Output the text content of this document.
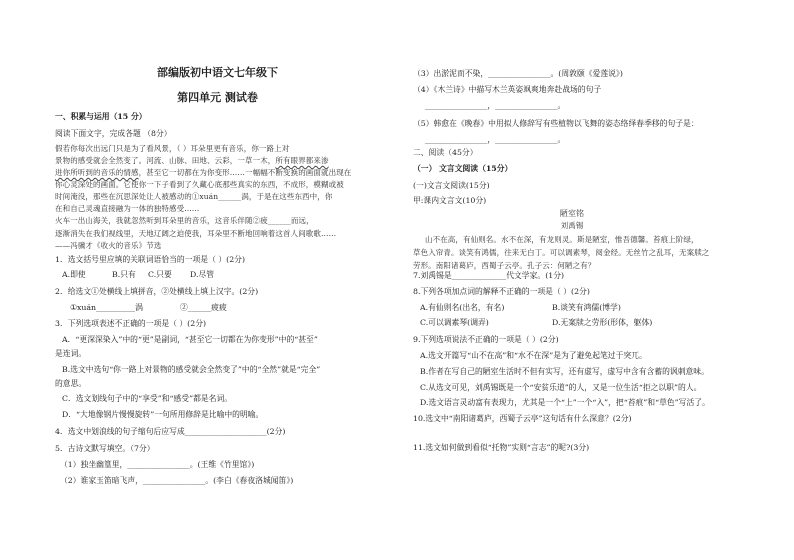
部编版初中语文七年级下
第四单元 测试卷
一、积累与运用（15 分）
阅读下面文字，完成各题 （8分）
假若你每次出远门只是为了看风景，（ ）耳朵里更有音乐，你一路上对
景物的感受就会全然变了。河流、山脉、田地、云彩，一草一木，所有眼界都来渗
进你所听到的音乐的情感，甚至它一切都在为你变形……一幅幅不断变换的画面就出现在
你心灵深处的画面。它使你一下子看到了久藏心底那些真实的东西，不成形，模糊或被
时间淹没，那些在沉思深处让人被感动的①xuán______涡，于是在这些东西中，你
在和自己灵魂直接融为一体的独特感受……
火车一出山海关，我就忽然听到耳朵里的音乐，这音乐伴随②疲______而远，
逐渐消失在我们视线里，天地辽阔之迫使我，耳朵里不断地回响着这首人间歌歌……
——冯骥才《收火的音乐》节选
1．选文括号里应填的关联词语恰当的一项是（ ）(2分)
A.即使	B.只有 C.只要 D.尽管
2．给选文①处横线上填拼音，②处横线上填上汉字。(2分)
①xuán__________涡	②______疲疲
3．下列选项表述不正确的一项是（ ）(2分)
A．“更深深染入”中的“更”是副词，“甚至它一切都在为你变形”中的“甚至”
是连词。
B.选文中选句“你一路上对景物的感受就会全然变了”中的“全然”就是“完全”
的意思。
C．选文划线句子中的“享受”和“感受”都是名词。
D．“大地像钢片慢慢旋转”一句所用修辞是比喻中的明喻。
4．选文中划浪线的句子缩句后应写成_____________________(2分)
5．古诗文默写填空。（7分）
（1）独坐幽篁里，________________。(王维《竹里馆》)
（2）谁家玉笛暗飞声，________________。(李白《春夜洛城闻笛》)
（3）出淤泥而不染，________________。(周敦颐《爱莲说》)
（4）《木兰诗》中描写木兰英姿飒爽地奔赴战场的句子
________________，________________。
（5）韩愈在《晚春》中用拟人修辞写有些植物以飞舞的姿态络绎春季移的句子是：
________________，________________。
二、阅读（45分）
（一） 文言文阅读（15分）
(一)文言文阅读(15分)
甲:课内文言文(10分)
陋室铭
刘禹锡
山不在高，有仙则名。水不在深，有龙则灵。斯是陋室，惟吾德馨。苔痕上阶绿，
草色入帘青。谈笑有鸿儒，往来无白丁。可以调素琴，阅金经。无丝竹之乱耳，无案牍之
劳形。南阳诸葛庐，西蜀子云亭。孔子云：何陋之有？
7.刘禹锡是______________代文学家。(1分)
8.下列各项加点词的解释不正确的一项是（ ）(2分)
A.有仙则名(出名，有名)	B.谈笑有鸿儒(博学)
C.可以调素琴(调弄)	D.无案牍之劳形(形体，躯体)
9.下列选项说法不正确的一项是（ ）(2分)
A.选文开篇写“山不在高”和“水不在深”是为了避免起笔过于突兀。
B.作者在写自己的陋室生活时不但有实写，还有虚写，虚写中含有含蓄的讽刺意味。
C.从选文可见，刘禹锡既是一个“安贫乐道”的人，又是一位生活“拒之以职”的人。
D.选文语言灵动富有表现力，尤其是一个“上”一个“入”，把“苔痕”和“草色”写活了。
10.选文中“南阳诸葛庐，西蜀子云亭”这句话有什么深意？(2分)
11.选文如何做到看似“托物”实则“言志”的呢?(3分)
